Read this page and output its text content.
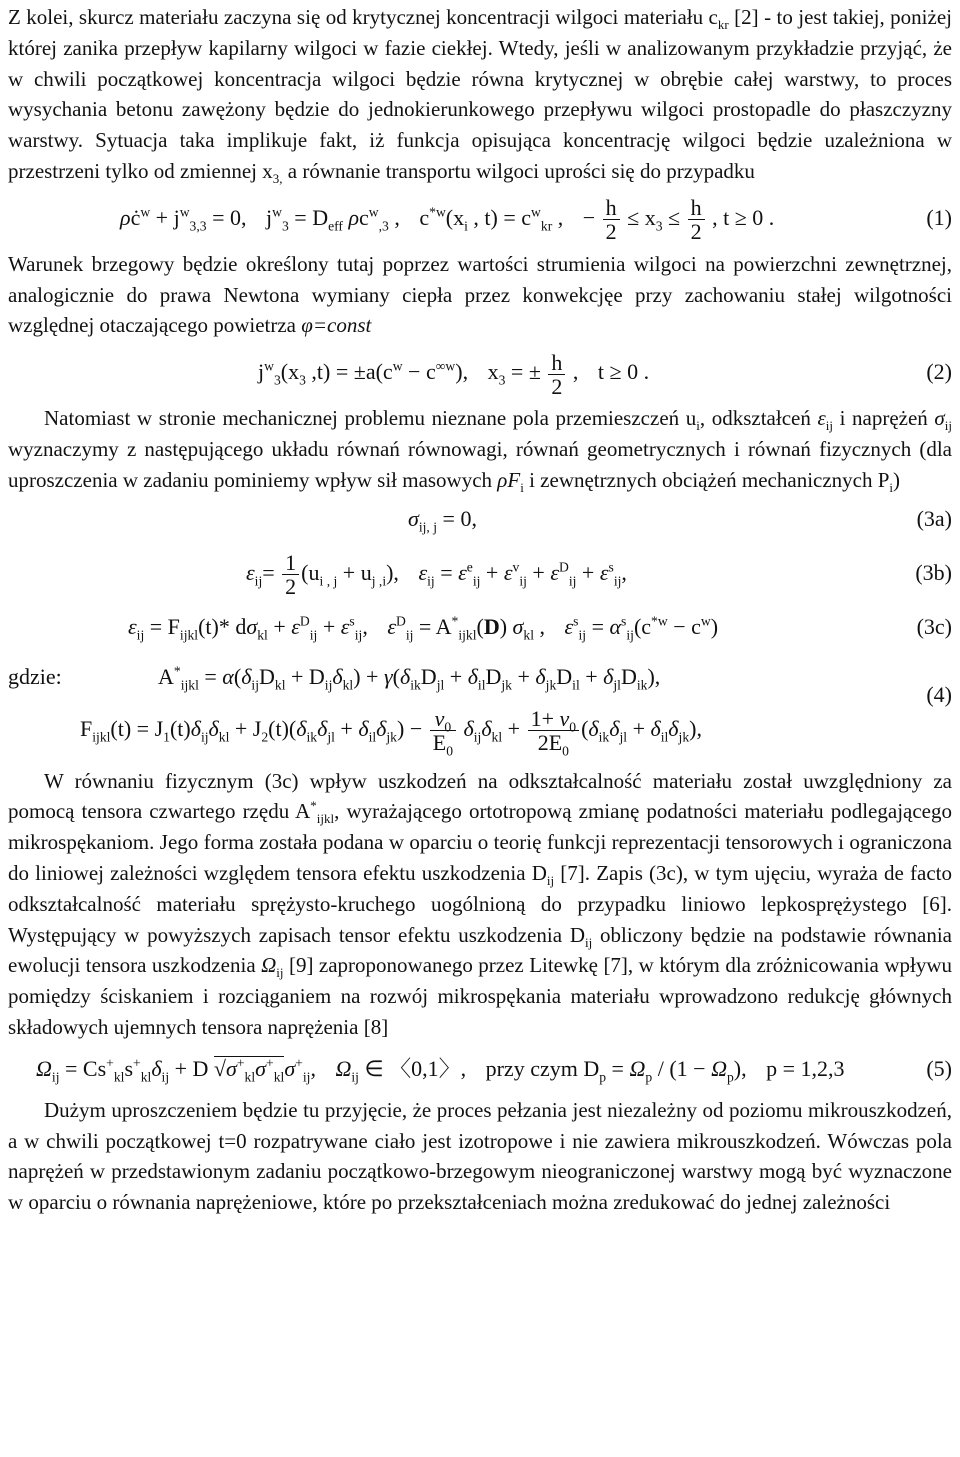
Z kolei, skurcz materiału zaczyna się od krytycznej koncentracji wilgoci materiału $c_{kr}$ [2] - to jest takiej, poniżej której zanika przepływ kapilarny wilgoci w fazie ciekłej. Wtedy, jeśli w analizowanym przykładzie przyjąć, że w chwili początkowej koncentracja wilgoci będzie równa krytycznej w obrębie całej warstwy, to proces wysychania betonu zawężony będzie do jednokierunkowego przepływu wilgoci prostopadle do płaszczyzny warstwy. Sytuacja taka implikuje fakt, iż funkcja opisująca koncentrację wilgoci będzie uzależniona w przestrzeni tylko od zmiennej $x_{3,}$ a równanie transportu wilgoci uprości się do przypadku

$\rho ċ^w + j^w_{3,3} = 0$, $j^w_3 = D_{eff}$ $\rho c^w_{,3}$ , $c^{*w}(x_i$ , $t) = c^w_{kr}$ , − $\frac{h}{2} \le x_3 \le \frac{h}{2}$ , t ≥ 0 .	(1)

Warunek brzegowy będzie określony tutaj poprzez wartości strumienia wilgoci na powierzchni zewnętrznej, analogicznie do prawa Newtona wymiany ciepła przez konwekcjęe przy zachowaniu stałej wilgotności względnej otaczającego powietrza φ=const

$j^w_3(x_3$ $,t) = \pm a(c^w - c^{\infty w})$, $x_3$ = ± $\frac{h}{2}$ , t ≥ 0 .	(2)

Natomiast w stronie mechanicznej problemu nieznane pola przemieszczeń $u_i$, odkształceń $\varepsilon_{ij}$ i naprężeń $\sigma_{ij}$ wyznaczymy z następującego układu równań równowagi, równań geometrycznych i równań fizycznych (dla uproszczenia w zadaniu pominiemy wpływ sił masowych $\rho F_i$ i zewnętrznych obciążeń mechanicznych $P_i$)

$\sigma_{ij, j} = 0$,	(3a)
$\varepsilon_{ij}= \frac{1}{2} (u_{i , j} + u_{j ,i})$, $\varepsilon_{ij} = \varepsilon^e_{ij} + \varepsilon^v_{ij} + \varepsilon^D_{ij} + \varepsilon^s_{ij}$,	(3b)
$\varepsilon_{ij} = F_{ijkl}(t)*$ $d\sigma_{kl} + \varepsilon^D_{ij} + \varepsilon^s_{ij}$, $\varepsilon^D_{ij} = A^*_{ijkl}(D)$ $\sigma_{kl}$ , $\varepsilon^s_{ij} = \alpha^s_{ij}(c^{*w} - c^w)$	(3c)
gdzie:	$A^*_{ijkl} = \alpha(\delta_{ij}D_{kl} + D_{ij}\delta_{kl}) + \gamma(\delta_{ik}D_{jl} + \delta_{il}D_{jk} + \delta_{jk}D_{il} + \delta_{jl}D_{ik})$,
$F_{ijkl}(t) = J_1(t)\delta_{ij}\delta_{kl} + J_2(t)(\delta_{ik}\delta_{jl} + \delta_{il}\delta_{jk}) - \frac{\nu_0}{E_0} \delta_{ij}\delta_{kl} + \frac{1+ \nu_0}{2E_0} (\delta_{ik}\delta_{jl} + \delta_{il}\delta_{jk})$,
(4)

W równaniu fizycznym (3c) wpływ uszkodzeń na odkształcalność materiału został uwzględniony za pomocą tensora czwartego rzędu $A^*_{ijkl}$, wyrażającego ortotropową zmianę podatności materiału podlegającego mikrospękaniom. Jego forma została podana w oparciu o teorię funkcji reprezentacji tensorowych i ograniczona do liniowej zależności względem tensora efektu uszkodzenia $D_{ij}$ [7]. Zapis (3c), w tym ujęciu, wyraża de facto odkształcalność materiału sprężysto-kruchego uogólnioną do przypadku liniowo lepkosprężystego [6]. Występujący w powyższych zapisach tensor efektu uszkodzenia $D_{ij}$ obliczony będzie na podstawie równania ewolucji tensora uszkodzenia $\Omega_{ij}$ [9] zaproponowanego przez Litewkę [7], w którym dla zróżnicowania wpływu pomiędzy ściskaniem i rozciąganiem na rozwój mikrospękania materiału wprowadzono redukcję głównych składowych ujemnych tensora naprężenia [8]

$\Omega_{ij} = Cs^+_{kl}s^+_{kl}\delta_{ij} + D$ $√\sigma^+_{kl}\sigma^+_{kl}\sigma^+_{ij}$, $\Omega_{ij}$ ∈ 〈0,1〉, przy czym $D_p = \Omega_p / (1 - \Omega_p)$, p = 1,2,3	(5)

Dużym uproszczeniem będzie tu przyjęcie, że proces pełzania jest niezależny od poziomu mikrouszkodzeń, a w chwili początkowej t=0 rozpatrywane ciało jest izotropowe i nie zawiera mikrouszkodzeń. Wówczas pola naprężeń w przedstawionym zadaniu początkowo-brzegowym nieograniczonej warstwy mogą być wyznaczone w oparciu o równania naprężeniowe, które po przekształceniach można zredukować do jednej zależności
